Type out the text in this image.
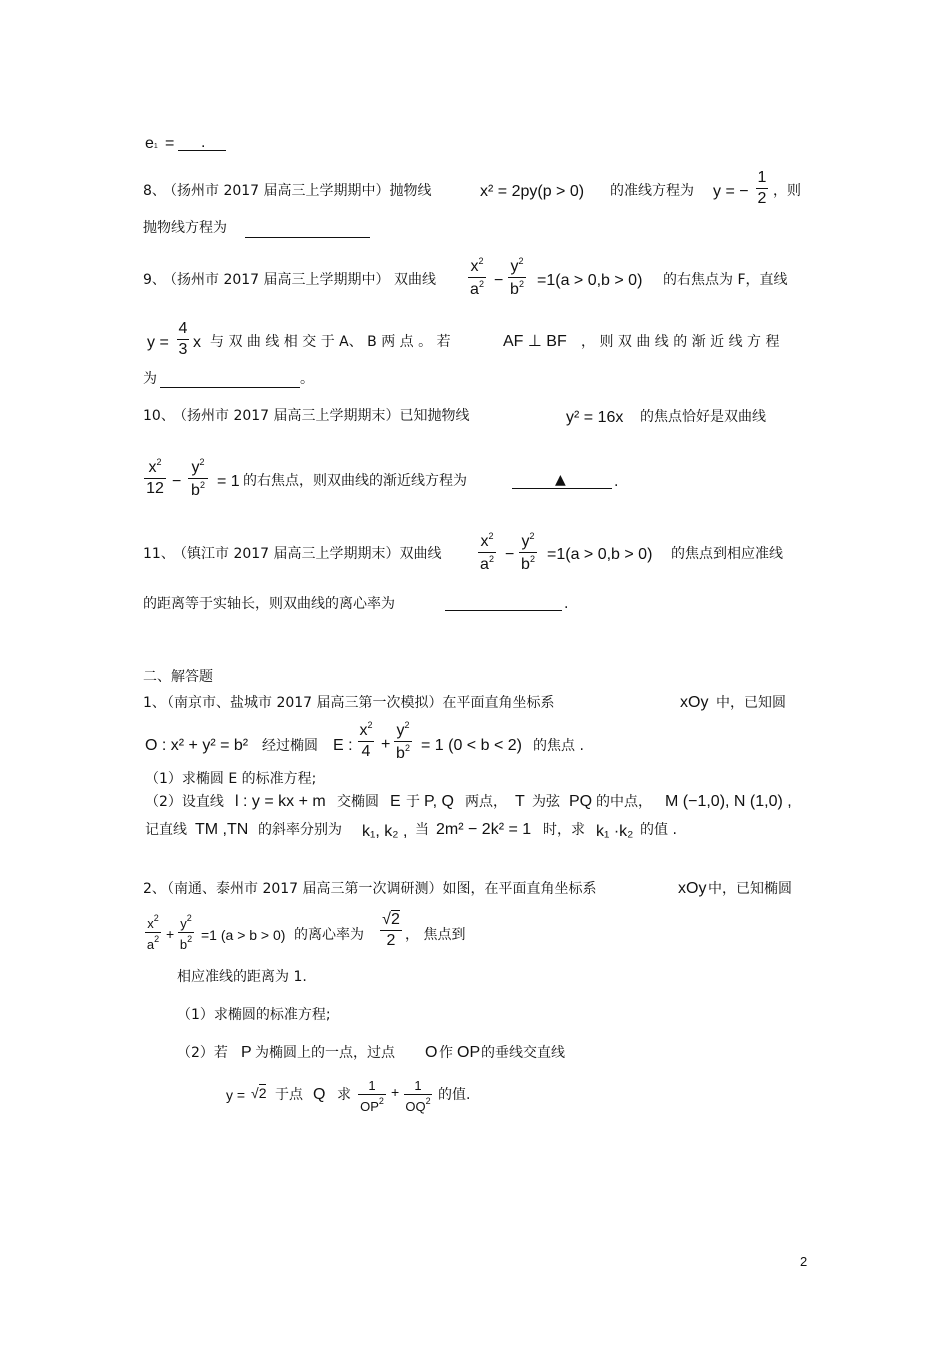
e1 = .
8、
（扬州市 2017 届高三上学期期中）抛物线	x² = 2py(p > 0) 的准线方程为 y = −
1
2 ，则
抛物线方程为
9、
（扬州市 2017 届高三上学期期中） 双曲线
$x^2$
$a^2$ −
$y^2$
$b^2 =1(a > 0,b > 0)$ 的右焦点为 F，直线
y =
4
3 x 与 双 曲 线 相 交 于 A、 B 两 点 。 若	AF ⊥ BF ， 则 双 曲 线 的 渐 近 线 方 程
为	。
10、
（扬州市 2017 届高三上学期期末）已知抛物线	y² = 16x 的焦点恰好是双曲线
$x^2$
12 −
$y^2$
$b^2 = 1$ 的右焦点，则双曲线的渐近线方程为	▲	.
11、
（镇江市 2017 届高三上学期期末）双曲线
$x^2$
$a^2$ −
$y^2$
$b^2 =1(a > 0,b > 0)$ 的焦点到相应准线
的距离等于实轴长，则双曲线的离心率为	.
二、解答题
1、
（南京市、盐城市 2017 届高三第一次模拟）在平面直角坐标系	xOy 中，已知圆
O : x² + y² = b² 经过椭圆 E :
$x^2$
4 +
$y^2$
$b^2 = 1$ (0 < b < 2) 的焦点 .
（1）求椭圆 E 的标准方程;
（2）设直线 l : y = kx + m 交椭圆 E 于 P, Q 两点， T 为弦 PQ 的中点， M (−1,0), N (1,0) ,
记直线 TM ,TN 的斜率分别为 k₁, k₂ , 当 2m² − 2k² = 1 时，求 k₁ ·k₂ 的值 .
2、
（南通、泰州市 2017 届高三第一次调研测）如图，在平面直角坐标系	xOy 中，已知椭圆
$x^2$
$a^2$ +
$y^2$
$b^2 =1$ (a > b > 0) 的离心率为
√2
2 ， 焦点到
相应准线的距离为 1.
（1）求椭圆的标准方程;
（2）若 P 为椭圆上的一点，过点 O 作 OP 的垂线交直线
y = √2 于点 Q 求
1
$OP^2$
+ 1
$OQ^2$ 的值.
2
